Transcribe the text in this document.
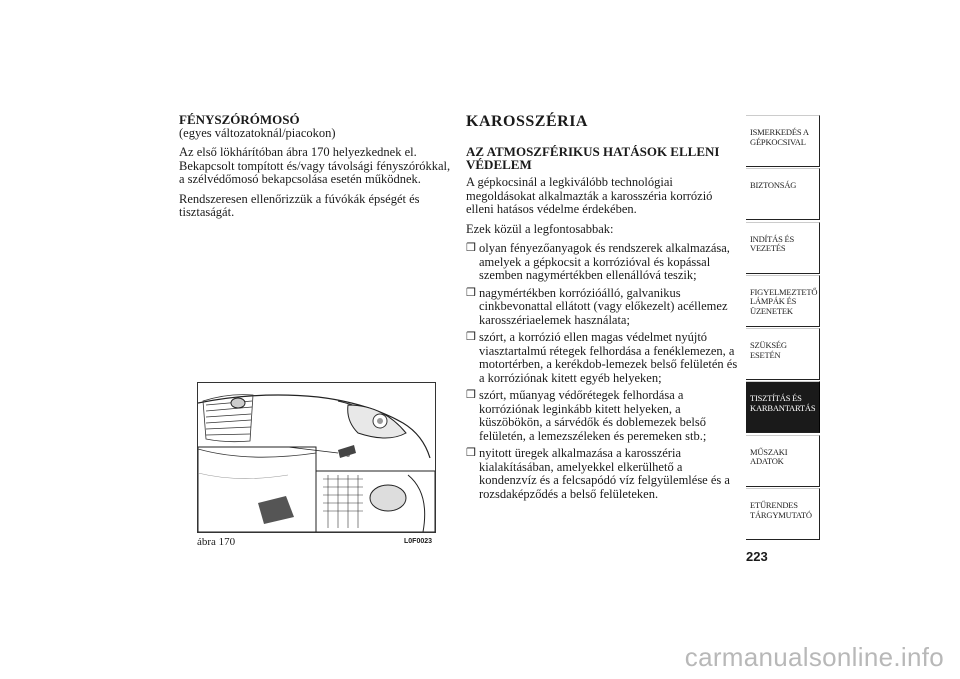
FÉNYSZÓRÓMOSÓ
(egyes változatoknál/piacokon)

Az első lökhárítóban ábra 170 helyezkednek el. Bekapcsolt tompított és/vagy távolsági fényszórókkal, a szélvédőmosó bekapcsolása esetén működnek.

Rendszeresen ellenőrizzük a fúvókák épségét és tisztaságát.

ábra 170	L0F0023
KAROSSZÉRIA
AZ ATMOSZFÉRIKUS HATÁSOK ELLENI VÉDELEM

A gépkocsinál a legkiválóbb technológiai megoldásokat alkalmazták a karosszéria korrózió elleni hatásos védelme érdekében.

Ezek közül a legfontosabbak:

❒ olyan fényezőanyagok és rendszerek alkalmazása, amelyek a gépkocsit a korrózióval és kopással szemben nagymértékben ellenállóvá teszik;
❒ nagymértékben korrózióálló, galvanikus cinkbevonattal ellátott (vagy előkezelt) acéllemez karosszériaelemek használata;
❒ szórt, a korrózió ellen magas védelmet nyújtó viasztartalmú rétegek felhordása a fenéklemezen, a motortérben, a kerékdob-lemezek belső felületén és a korróziónak kitett egyéb helyeken;
❒ szórt, műanyag védőrétegek felhordása a korróziónak leginkább kitett helyeken, a küszöbökön, a sárvédők és doblemezek belső felületén, a lemezszéleken és peremeken stb.;
❒ nyitott üregek alkalmazása a karosszéria kialakításában, amelyekkel elkerülhető a kondenzvíz és a felcsapódó víz felgyülemlése és a rozsdaképződés a belső felületeken.
ISMERKEDÉS A GÉPKOCSIVAL
BIZTONSÁG
INDÍTÁS ÉS VEZETÉS
FIGYELMEZTETŐ LÁMPÁK ÉS ÜZENETEK
SZÜKSÉG ESETÉN
TISZTÍTÁS ÉS KARBANTARTÁS
MŰSZAKI ADATOK
ETŰRENDES TÁRGYMUTATÓ
223
carmanualsonline.info
